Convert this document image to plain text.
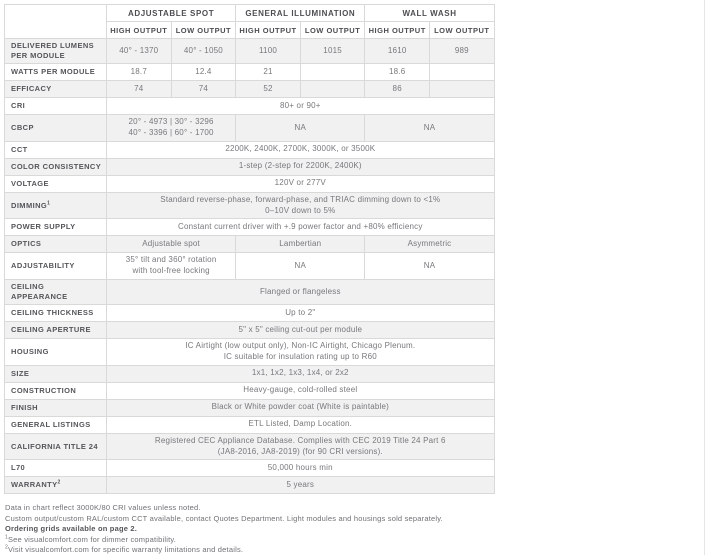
	ADJUSTABLE SPOT		GENERAL ILLUMINATION		WALL WASH	
	HIGH OUTPUT	LOW OUTPUT	HIGH OUTPUT	LOW OUTPUT	HIGH OUTPUT	LOW OUTPUT
DELIVERED LUMENS PER MODULE	40° - 1370	40° - 1050	1100	1015	1610	989
WATTS PER MODULE	18.7	12.4	21		18.6	
EFFICACY	74	74	52		86	
CRI	80+ or 90+					
CBCP	20° - 4973 | 30° - 3296
40° - 3396 | 60° - 1700		NA		NA	
CCT	2200K, 2400K, 2700K, 3000K, or 3500K					
COLOR CONSISTENCY	1-step (2-step for 2200K, 2400K)					
VOLTAGE	120V or 277V					
DIMMING$^1$	Standard reverse-phase, forward-phase, and TRIAC dimming down to <1%
0–10V down to 5%					
POWER SUPPLY	Constant current driver with +.9 power factor and +80% efficiency					
OPTICS	Adjustable spot		Lambertian		Asymmetric	
ADJUSTABILITY	35° tilt and 360° rotation
with tool-free locking		NA		NA	
CEILING APPEARANCE	Flanged or flangeless					
CEILING THICKNESS	Up to 2"					
CEILING APERTURE	5" x 5" ceiling cut-out per module					
HOUSING	IC Airtight (low output only), Non-IC Airtight, Chicago Plenum.
IC suitable for insulation rating up to R60					
SIZE	1x1, 1x2, 1x3, 1x4, or 2x2					
CONSTRUCTION	Heavy-gauge, cold-rolled steel					
FINISH	Black or White powder coat (White is paintable)					
GENERAL LISTINGS	ETL Listed, Damp Location.					
CALIFORNIA TITLE 24	Registered CEC Appliance Database. Complies with CEC 2019 Title 24 Part 6
(JA8-2016, JA8-2019) (for 90 CRI versions).					
L70	50,000 hours min					
WARRANTY$^2$	5 years					
Data in chart reflect 3000K/80 CRI values unless noted.
Custom output/custom RAL/custom CCT available, contact Quotes Department. Light modules and housings sold separately.
Ordering grids available on page 2.
$^1$See visualcomfort.com for dimmer compatibility.
$^2$Visit visualcomfort.com for specific warranty limitations and details.
